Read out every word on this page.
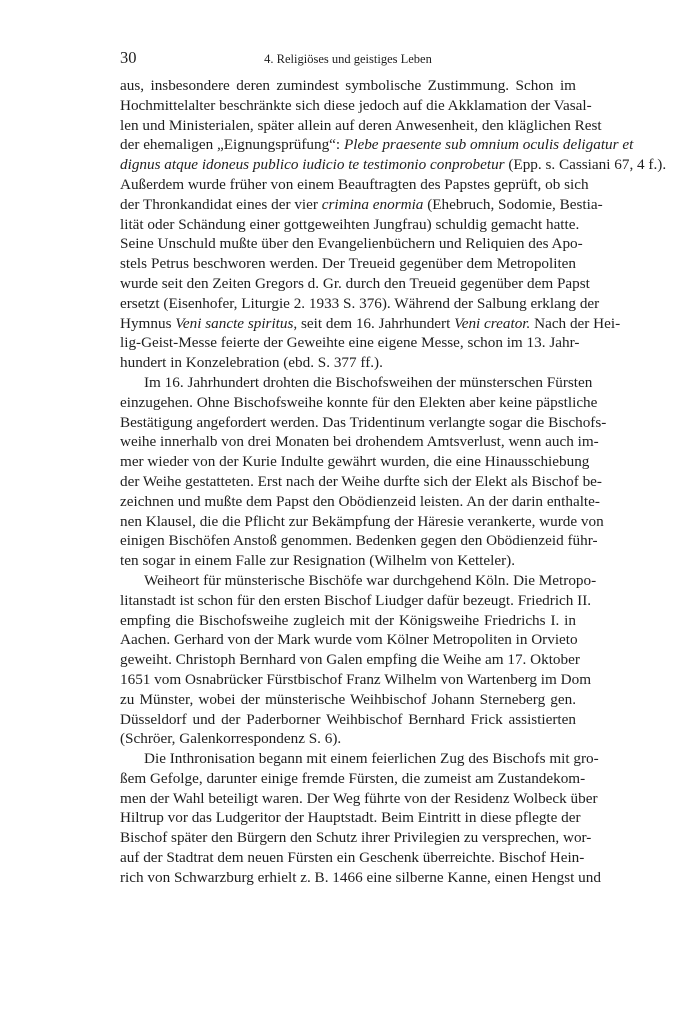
30	4. Religiöses und geistiges Leben
aus, insbesondere deren zumindest symbolische Zustimmung. Schon im
Hochmittelalter beschränkte sich diese jedoch auf die Akklamation der Vasal-
len und Ministerialen, später allein auf deren Anwesenheit, den kläglichen Rest
der ehemaligen „Eignungsprüfung“: Plebe praesente sub omnium oculis deligatur et
dignus atque idoneus publico iudicio te testimonio conprobetur (Epp. s. Cassiani 67, 4 f.).
Außerdem wurde früher von einem Beauftragten des Papstes geprüft, ob sich
der Thronkandidat eines der vier crimina enormia (Ehebruch, Sodomie, Bestia-
lität oder Schändung einer gottgeweihten Jungfrau) schuldig gemacht hatte.
Seine Unschuld mußte über den Evangelienbüchern und Reliquien des Apo-
stels Petrus beschworen werden. Der Treueid gegenüber dem Metropoliten
wurde seit den Zeiten Gregors d. Gr. durch den Treueid gegenüber dem Papst
ersetzt (Eisenhofer, Liturgie 2. 1933 S. 376). Während der Salbung erklang der
Hymnus Veni sancte spiritus, seit dem 16. Jahrhundert Veni creator. Nach der Hei-
lig-Geist-Messe feierte der Geweihte eine eigene Messe, schon im 13. Jahr-
hundert in Konzelebration (ebd. S. 377 ff.).
Im 16. Jahrhundert drohten die Bischofsweihen der münsterschen Fürsten
einzugehen. Ohne Bischofsweihe konnte für den Elekten aber keine päpstliche
Bestätigung angefordert werden. Das Tridentinum verlangte sogar die Bischofs-
weihe innerhalb von drei Monaten bei drohendem Amtsverlust, wenn auch im-
mer wieder von der Kurie Indulte gewährt wurden, die eine Hinausschiebung
der Weihe gestatteten. Erst nach der Weihe durfte sich der Elekt als Bischof be-
zeichnen und mußte dem Papst den Obödienzeid leisten. An der darin enthalte-
nen Klausel, die die Pflicht zur Bekämpfung der Häresie verankerte, wurde von
einigen Bischöfen Anstoß genommen. Bedenken gegen den Obödienzeid führ-
ten sogar in einem Falle zur Resignation (Wilhelm von Ketteler).
Weiheort für münsterische Bischöfe war durchgehend Köln. Die Metropo-
litanstadt ist schon für den ersten Bischof Liudger dafür bezeugt. Friedrich II.
empfing die Bischofsweihe zugleich mit der Königsweihe Friedrichs I. in
Aachen. Gerhard von der Mark wurde vom Kölner Metropoliten in Orvieto
geweiht. Christoph Bernhard von Galen empfing die Weihe am 17. Oktober
1651 vom Osnabrücker Fürstbischof Franz Wilhelm von Wartenberg im Dom
zu Münster, wobei der münsterische Weihbischof Johann Sterneberg gen.
Düsseldorf und der Paderborner Weihbischof Bernhard Frick assistierten
(Schröer, Galenkorrespondenz S. 6).
Die Inthronisation begann mit einem feierlichen Zug des Bischofs mit gro-
ßem Gefolge, darunter einige fremde Fürsten, die zumeist am Zustandekom-
men der Wahl beteiligt waren. Der Weg führte von der Residenz Wolbeck über
Hiltrup vor das Ludgeritor der Hauptstadt. Beim Eintritt in diese pflegte der
Bischof später den Bürgern den Schutz ihrer Privilegien zu versprechen, wor-
auf der Stadtrat dem neuen Fürsten ein Geschenk überreichte. Bischof Hein-
rich von Schwarzburg erhielt z. B. 1466 eine silberne Kanne, einen Hengst und
